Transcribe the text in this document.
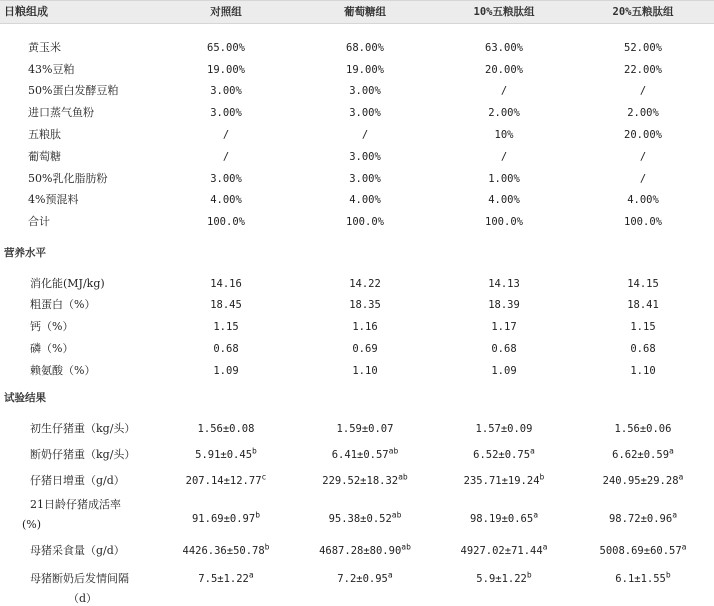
日粮组成	对照组	葡萄糖组	10%五粮肽组	20%五粮肽组
黄玉米	65.00%	68.00%	63.00%	52.00%
43%豆粕	19.00%	19.00%	20.00%	22.00%
50%蛋白发酵豆粕	3.00%	3.00%	/	/
进口蒸气鱼粉	3.00%	3.00%	2.00%	2.00%
五粮肽	/	/	10%	20.00%
葡萄糖	/	3.00%	/	/
50%乳化脂肪粉	3.00%	3.00%	1.00%	/
4%预混料	4.00%	4.00%	4.00%	4.00%
合计	100.0%	100.0%	100.0%	100.0%
营养水平
消化能(MJ/kg)	14.16	14.22	14.13	14.15
粗蛋白（%）	18.45	18.35	18.39	18.41
钙（%）	1.15	1.16	1.17	1.15
磷（%）	0.68	0.69	0.68	0.68
赖氨酸（%）	1.09	1.10	1.09	1.10
试验结果
初生仔猪重（kg/头）	1.56±0.08	1.59±0.07	1.57±0.09	1.56±0.06
断奶仔猪重（kg/头）	5.91±0.45$^b$	6.41±0.57$^{ab}$	6.52±0.75$^a$	6.62±0.59$^a$
仔猪日增重（g/d）	207.14±12.77$^c$	229.52±18.32$^{ab}$	235.71±19.24$^b$	240.95±29.28$^a$
21日龄仔猪成活率
(%)	91.69±0.97$^b$	95.38±0.52$^{ab}$	98.19±0.65$^a$	98.72±0.96$^a$
母猪采食量（g/d）	4426.36±50.78$^b$	4687.28±80.90$^{ab}$	4927.02±71.44$^a$	5008.69±60.57$^a$
母猪断奶后发情间隔
（d）
7.5±1.22$^a$	7.2±0.95$^a$	5.9±1.22$^b$	6.1±1.55$^b$
